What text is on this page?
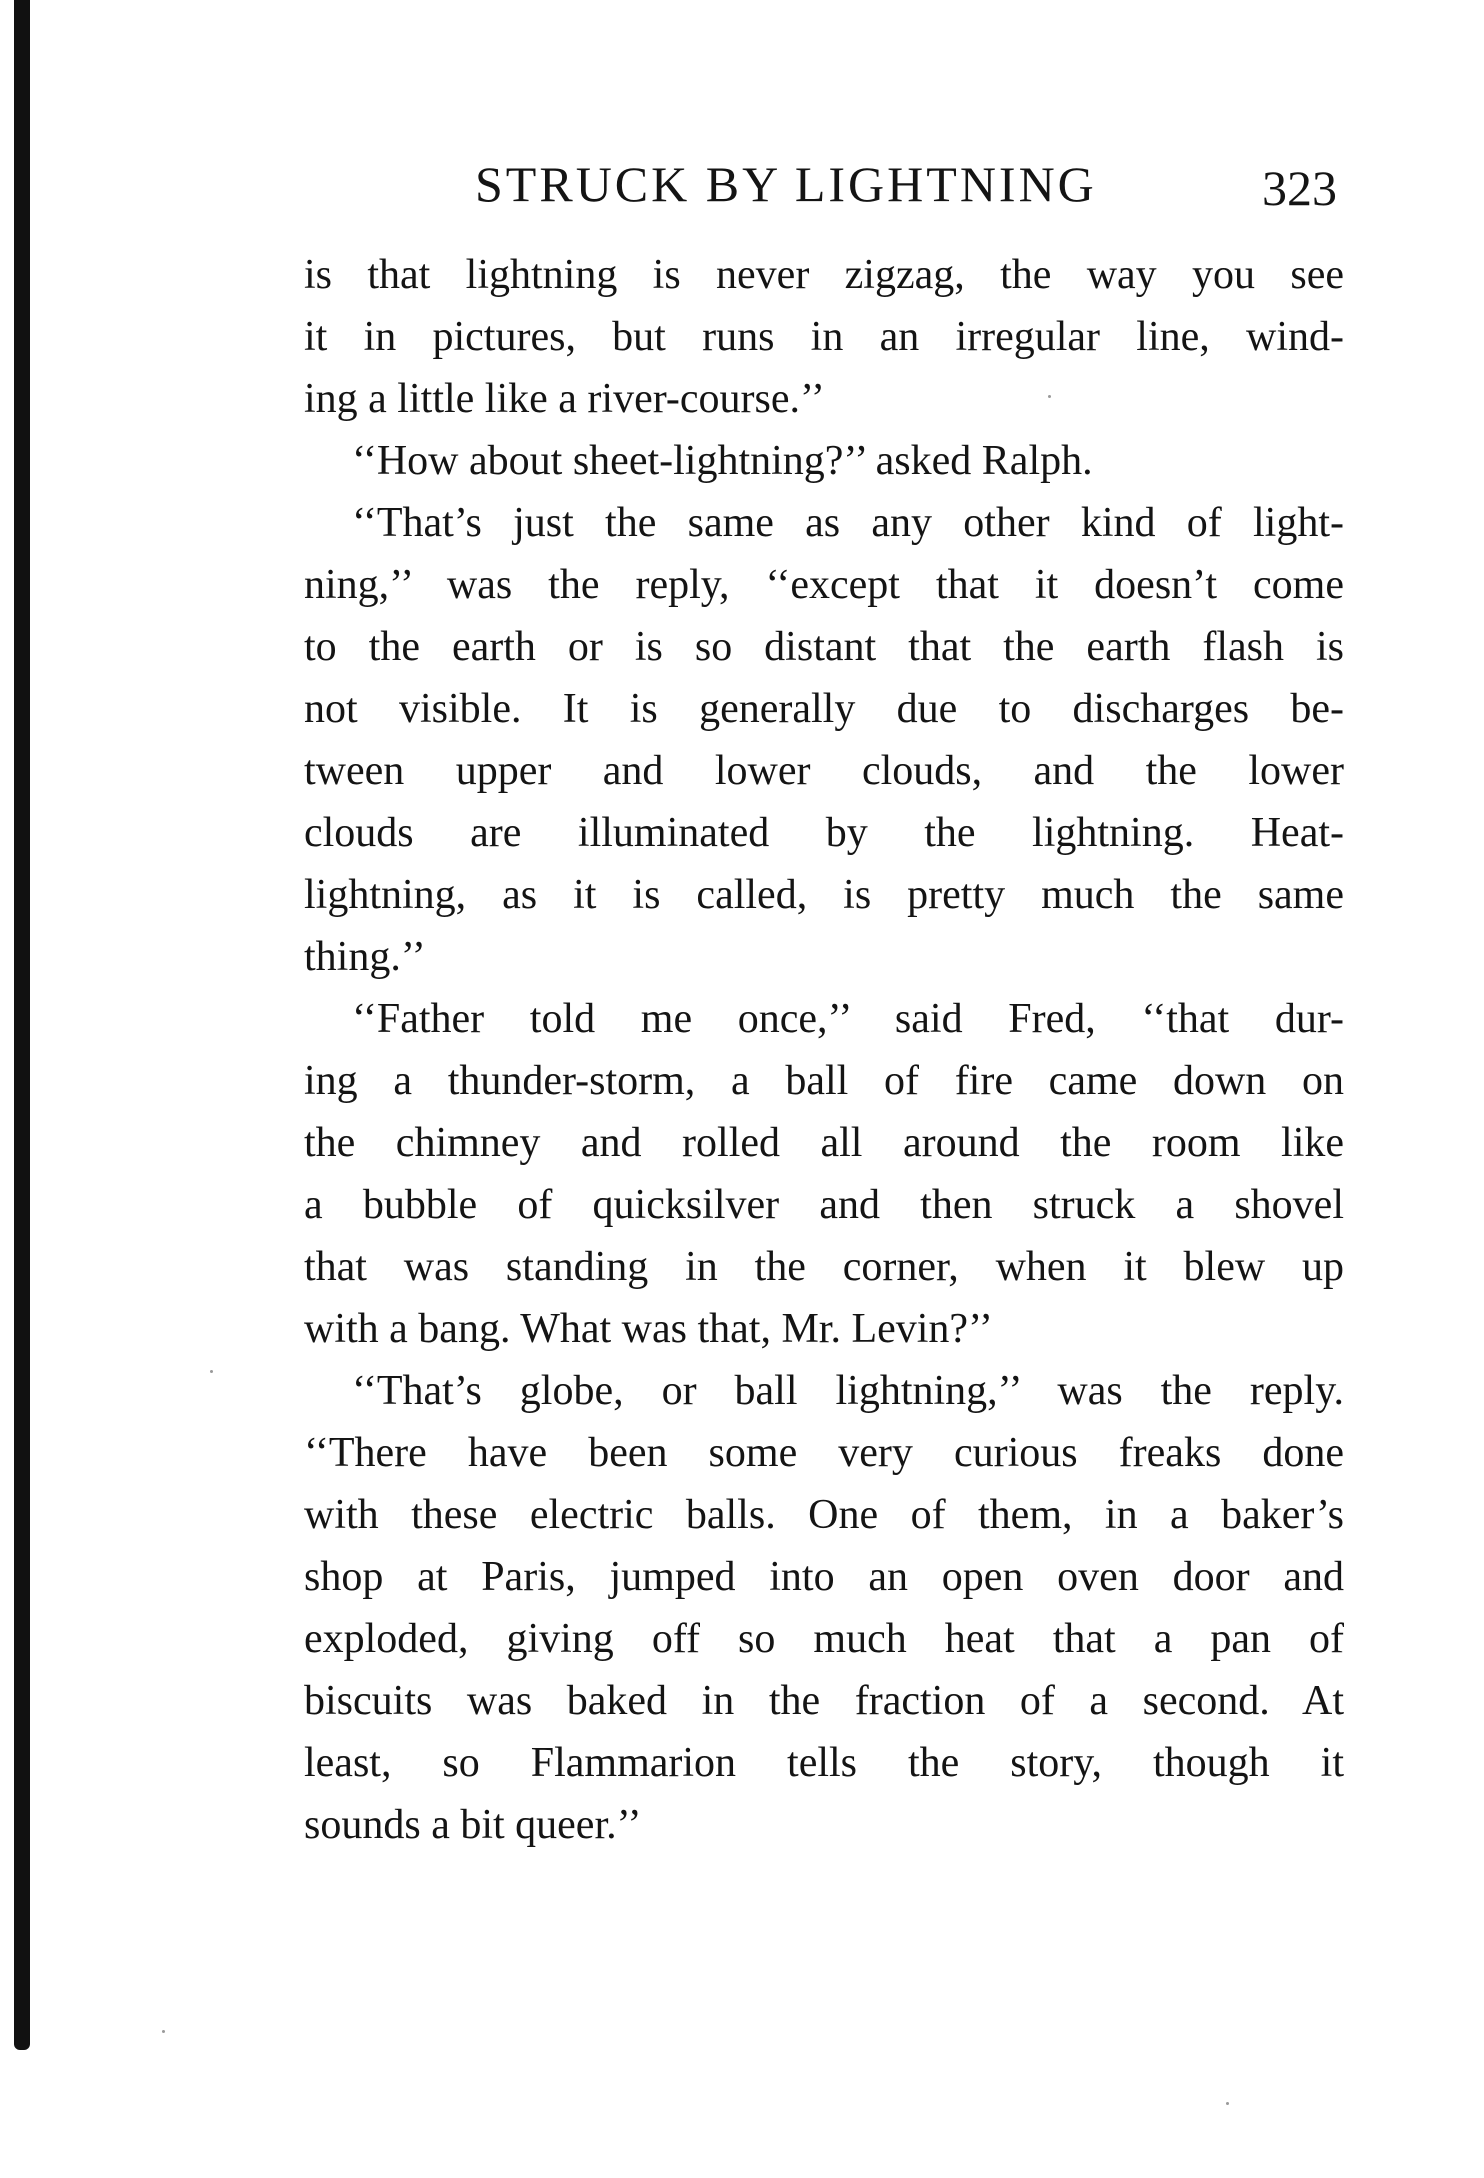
STRUCK BY LIGHTNING	323
is that lightning is never zigzag, the way you see
it in pictures, but runs in an irregular line, wind-
ing a little like a river-course.’’
‘‘How about sheet-lightning?’’ asked Ralph.
‘‘That’s just the same as any other kind of light-
ning,’’ was the reply, ‘‘except that it doesn’t come
to the earth or is so distant that the earth flash is
not visible. It is generally due to discharges be-
tween upper and lower clouds, and the lower
clouds are illuminated by the lightning. Heat-
lightning, as it is called, is pretty much the same
thing.’’
‘‘Father told me once,’’ said Fred, ‘‘that dur-
ing a thunder-storm, a ball of fire came down on
the chimney and rolled all around the room like
a bubble of quicksilver and then struck a shovel
that was standing in the corner, when it blew up
with a bang. What was that, Mr. Levin?’’
‘‘That’s globe, or ball lightning,’’ was the reply.
‘‘There have been some very curious freaks done
with these electric balls. One of them, in a baker’s
shop at Paris, jumped into an open oven door and
exploded, giving off so much heat that a pan of
biscuits was baked in the fraction of a second. At
least, so Flammarion tells the story, though it
sounds a bit queer.’’
